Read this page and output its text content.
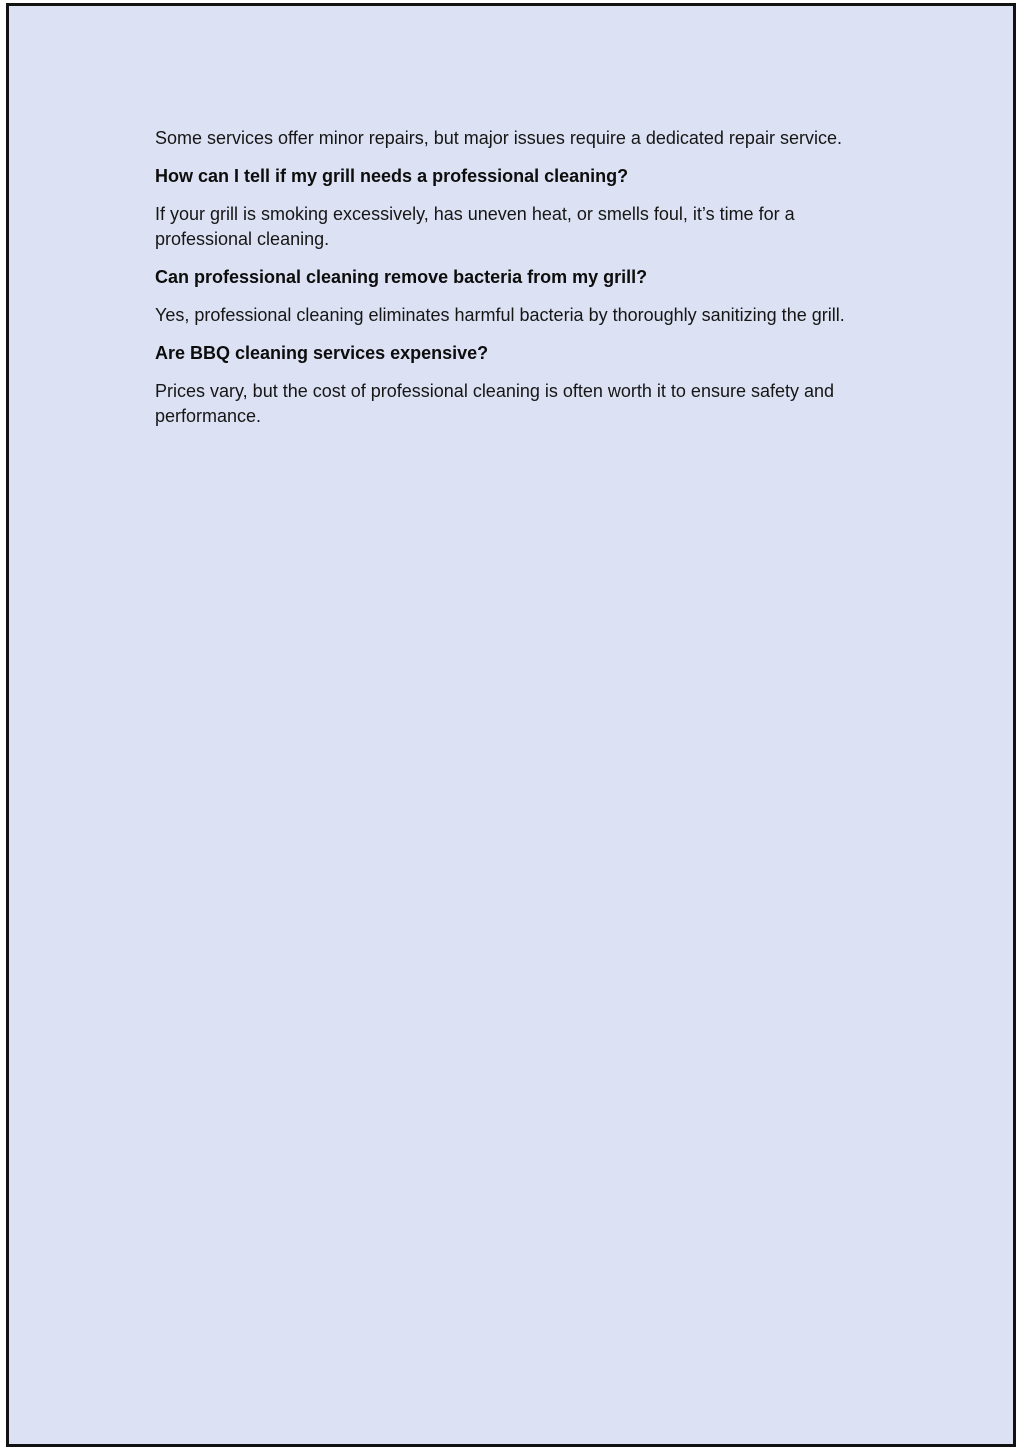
Some services offer minor repairs, but major issues require a dedicated repair service.

How can I tell if my grill needs a professional cleaning?

If your grill is smoking excessively, has uneven heat, or smells foul, it’s time for a professional cleaning.

Can professional cleaning remove bacteria from my grill?

Yes, professional cleaning eliminates harmful bacteria by thoroughly sanitizing the grill.

Are BBQ cleaning services expensive?

Prices vary, but the cost of professional cleaning is often worth it to ensure safety and performance.
